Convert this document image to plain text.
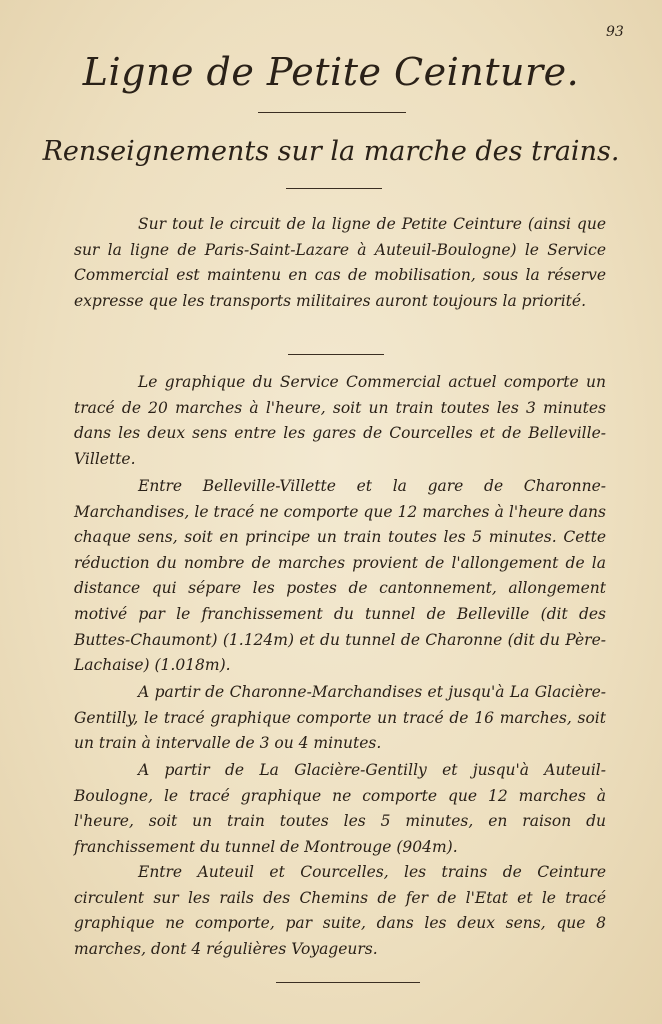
93
Ligne de Petite Ceinture.
Renseignements sur la marche des trains.

Sur tout le circuit de la ligne de Petite Ceinture (ainsi que sur la ligne de Paris-Saint-Lazare à Auteuil-Boulogne) le Service Commercial est maintenu en cas de mobilisation, sous la réserve expresse que les transports militaires auront toujours la priorité.

Le graphique du Service Commercial actuel comporte un tracé de 20 marches à l'heure, soit un train toutes les 3 minutes dans les deux sens entre les gares de Courcelles et de Belleville-Villette.

Entre Belleville-Villette et la gare de Charonne-Marchandises, le tracé ne comporte que 12 marches à l'heure dans chaque sens, soit en principe un train toutes les 5 minutes. Cette réduction du nombre de marches provient de l'allongement de la distance qui sépare les postes de cantonnement, allongement motivé par le franchissement du tunnel de Belleville (dit des Buttes-Chaumont) (1.124m) et du tunnel de Charonne (dit du Père-Lachaise) (1.018m).

A partir de Charonne-Marchandises et jusqu'à La Glacière-Gentilly, le tracé graphique comporte un tracé de 16 marches, soit un train à intervalle de 3 ou 4 minutes.

A partir de La Glacière-Gentilly et jusqu'à Auteuil-Boulogne, le tracé graphique ne comporte que 12 marches à l'heure, soit un train toutes les 5 minutes, en raison du franchissement du tunnel de Montrouge (904m).

Entre Auteuil et Courcelles, les trains de Ceinture circulent sur les rails des Chemins de fer de l'Etat et le tracé graphique ne comporte, par suite, dans les deux sens, que 8 marches, dont 4 régulières Voyageurs.
